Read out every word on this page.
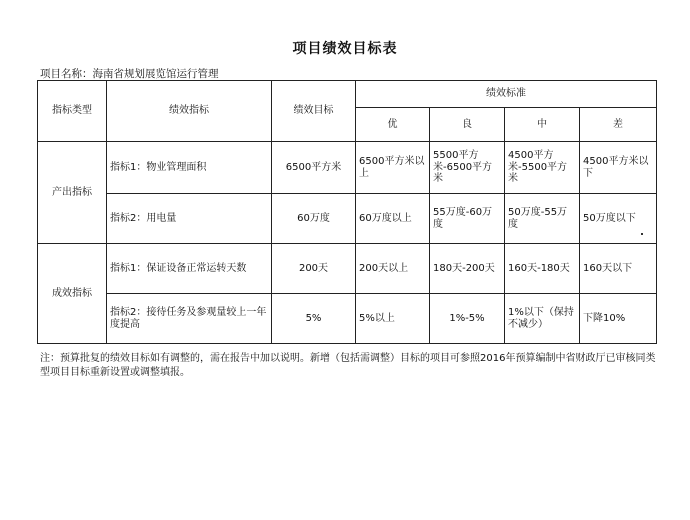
项目绩效目标表
项目名称：海南省规划展览馆运行管理
指标类型	绩效指标	绩效目标	绩效标准			
			优	良	中	差
产出指标	指标1：物业管理面积	6500平方米	6500平方米以上	5500平方米-6500平方米	4500平方米-5500平方米	4500平方米以下
	指标2：用电量	60万度	60万度以上	55万度-60万度	50万度-55万度	50万度以下
成效指标	指标1：保证设备正常运转天数	200天	200天以上	180天-200天	160天-180天	160天以下
	指标2：接待任务及参观量较上一年度提高	5%	5%以上	1%-5%	1%以下（保持不减少）	下降10%
注：预算批复的绩效目标如有调整的，需在报告中加以说明。新增（包括需调整）目标的项目可参照2016年预算编制中省财政厅已审核同类型项目目标重新设置或调整填报。
